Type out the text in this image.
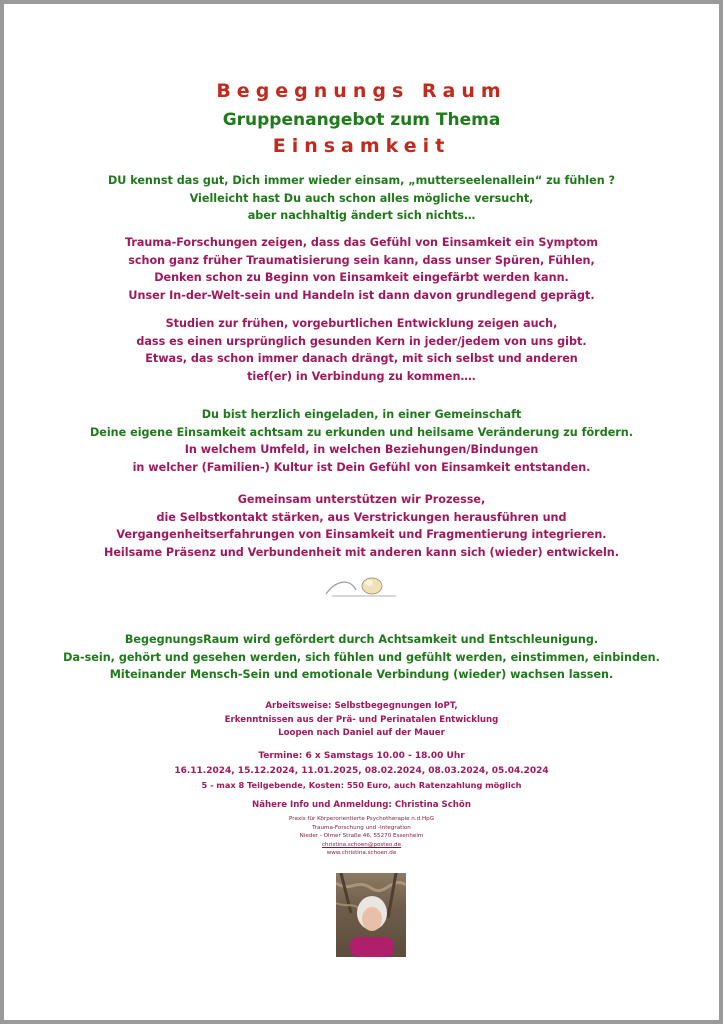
Begegnungs Raum
Gruppenangebot zum Thema
Einsamkeit
DU kennst das gut, Dich immer wieder einsam, „mutterseelenallein“ zu fühlen ?
Vielleicht hast Du auch schon alles mögliche versucht,
aber nachhaltig ändert sich nichts…
Trauma-Forschungen zeigen, dass das Gefühl von Einsamkeit ein Symptom
schon ganz früher Traumatisierung sein kann, dass unser Spüren, Fühlen,
Denken schon zu Beginn von Einsamkeit eingefärbt werden kann.
Unser In-der-Welt-sein und Handeln ist dann davon grundlegend geprägt.
Studien zur frühen, vorgeburtlichen Entwicklung zeigen auch,
dass es einen ursprünglich gesunden Kern in jeder/jedem von uns gibt.
Etwas, das schon immer danach drängt, mit sich selbst und anderen
tief(er) in Verbindung zu kommen….
Du bist herzlich eingeladen, in einer Gemeinschaft
Deine eigene Einsamkeit achtsam zu erkunden und heilsame Veränderung zu fördern.
In welchem Umfeld, in welchen Beziehungen/Bindungen
in welcher (Familien-) Kultur ist Dein Gefühl von Einsamkeit entstanden.
Gemeinsam unterstützen wir Prozesse,
die Selbstkontakt stärken, aus Verstrickungen herausführen und
Vergangenheitserfahrungen von Einsamkeit und Fragmentierung integrieren.
Heilsame Präsenz und Verbundenheit mit anderen kann sich (wieder) entwickeln.
BegegnungsRaum wird gefördert durch Achtsamkeit und Entschleunigung.
Da-sein, gehört und gesehen werden, sich fühlen und gefühlt werden, einstimmen, einbinden.
Miteinander Mensch-Sein und emotionale Verbindung (wieder) wachsen lassen.
Arbeitsweise: Selbstbegegnungen IoPT,
Erkenntnissen aus der Prä- und Perinatalen Entwicklung
Loopen nach Daniel auf der Mauer
Termine: 6 x Samstags 10.00 - 18.00 Uhr
16.11.2024, 15.12.2024, 11.01.2025, 08.02.2024, 08.03.2024, 05.04.2024
5 - max 8 Teilgebende, Kosten: 550 Euro, auch Ratenzahlung möglich
Nähere Info und Anmeldung: Christina Schön
Praxis für Körperorientierte Psychotherapie n.d.HpG
Trauma-Forschung und -Integration
Nieder - Olmer Straße 46, 55270 Essenheim
christina.schoen@posteo.de
www.christina.schoen.de
